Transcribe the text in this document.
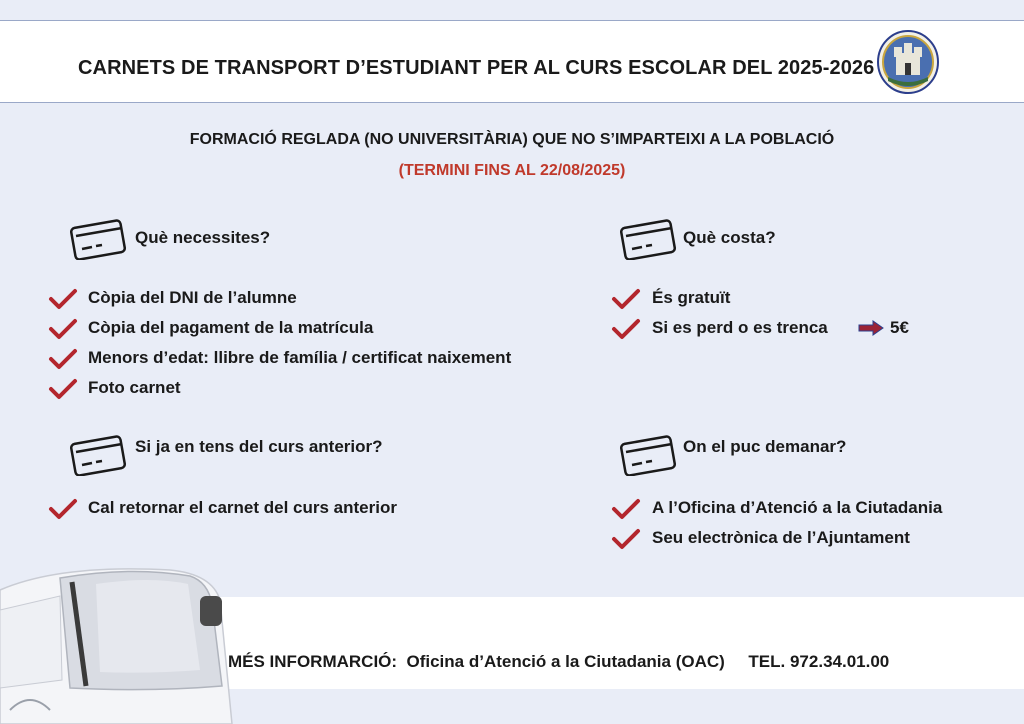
CARNETS DE TRANSPORT D’ESTUDIANT PER AL CURS ESCOLAR DEL 2025-2026
FORMACIÓ REGLADA (NO UNIVERSITÀRIA) QUE NO S’IMPARTEIXI A LA POBLACIÓ
(TERMINI FINS AL 22/08/2025)
Què necessites?
Còpia del DNI de l’alumne
Còpia del pagament de la matrícula
Menors d’edat: llibre de família / certificat naixement
Foto carnet
Què costa?
És gratuït
Si es perd o es trenca	5€
Si ja en tens del curs anterior?
Cal retornar el carnet del curs anterior
On el puc demanar?
A l’Oficina d’Atenció a la Ciutadania
Seu electrònica de l’Ajuntament
MÉS INFORMARCIÓ:  Oficina d’Atenció a la Ciutadania (OAC)     TEL. 972.34.01.00
